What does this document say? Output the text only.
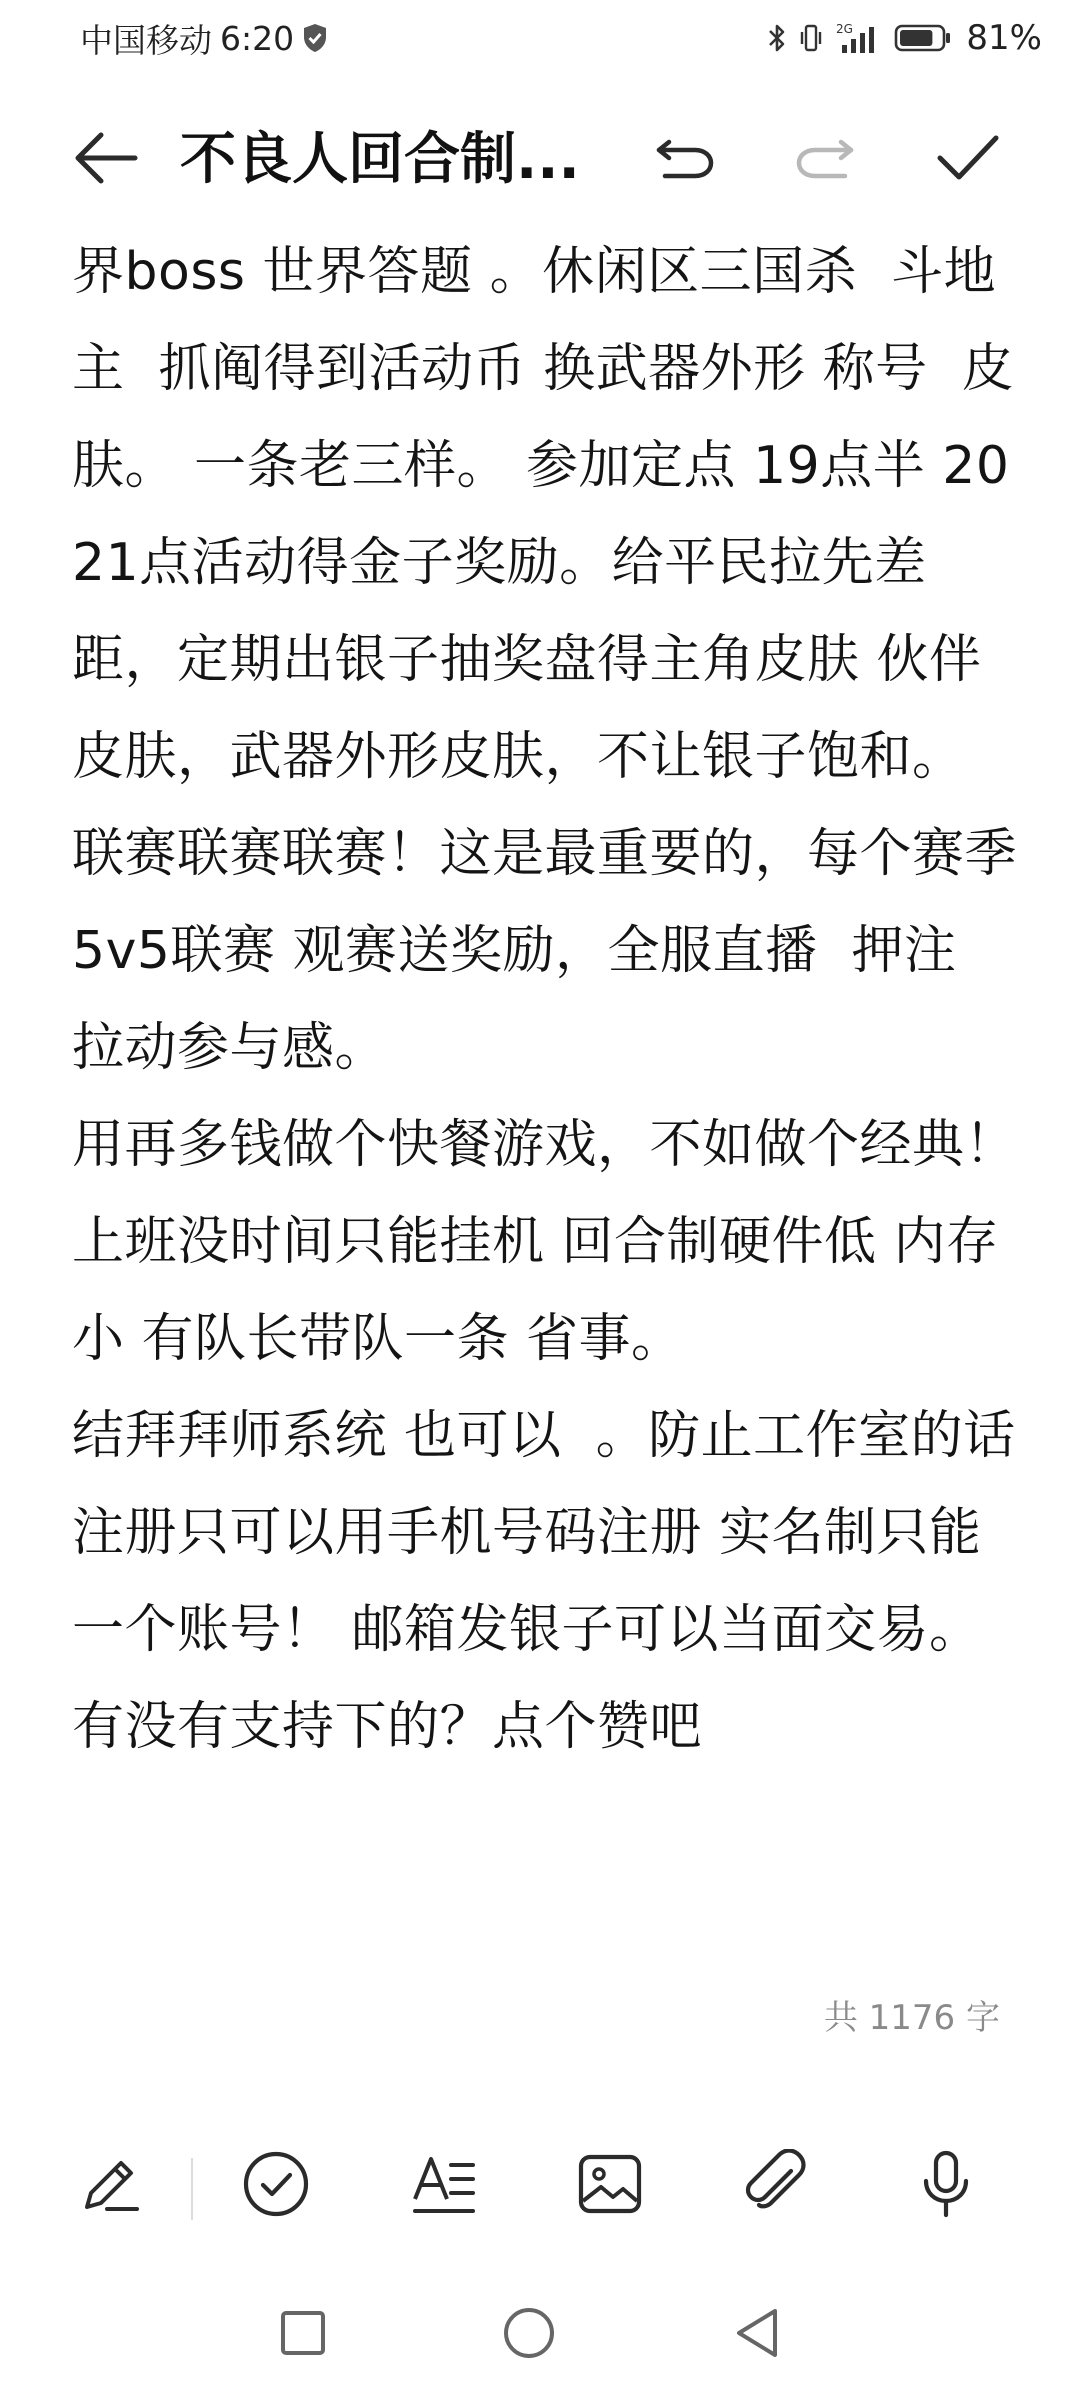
中国移动 6:20	2G	81%
不良人回合制...

界boss 世界答题 。休闲区三国杀  斗地主  抓阄得到活动币 换武器外形 称号  皮肤。 一条老三样。 参加定点 19点半 20  21点活动得金子奖励。给平民拉先差距，定期出银子抽奖盘得主角皮肤 伙伴皮肤，武器外形皮肤，不让银子饱和。

联赛联赛联赛！这是最重要的，每个赛季5v5联赛 观赛送奖励，全服直播  押注 拉动参与感。

用再多钱做个快餐游戏，不如做个经典！上班没时间只能挂机 回合制硬件低 内存小 有队长带队一条 省事。

结拜拜师系统 也可以  。防止工作室的话  注册只可以用手机号码注册 实名制只能一个账号！ 邮箱发银子可以当面交易。 有没有支持下的？点个赞吧

共 1176 字
